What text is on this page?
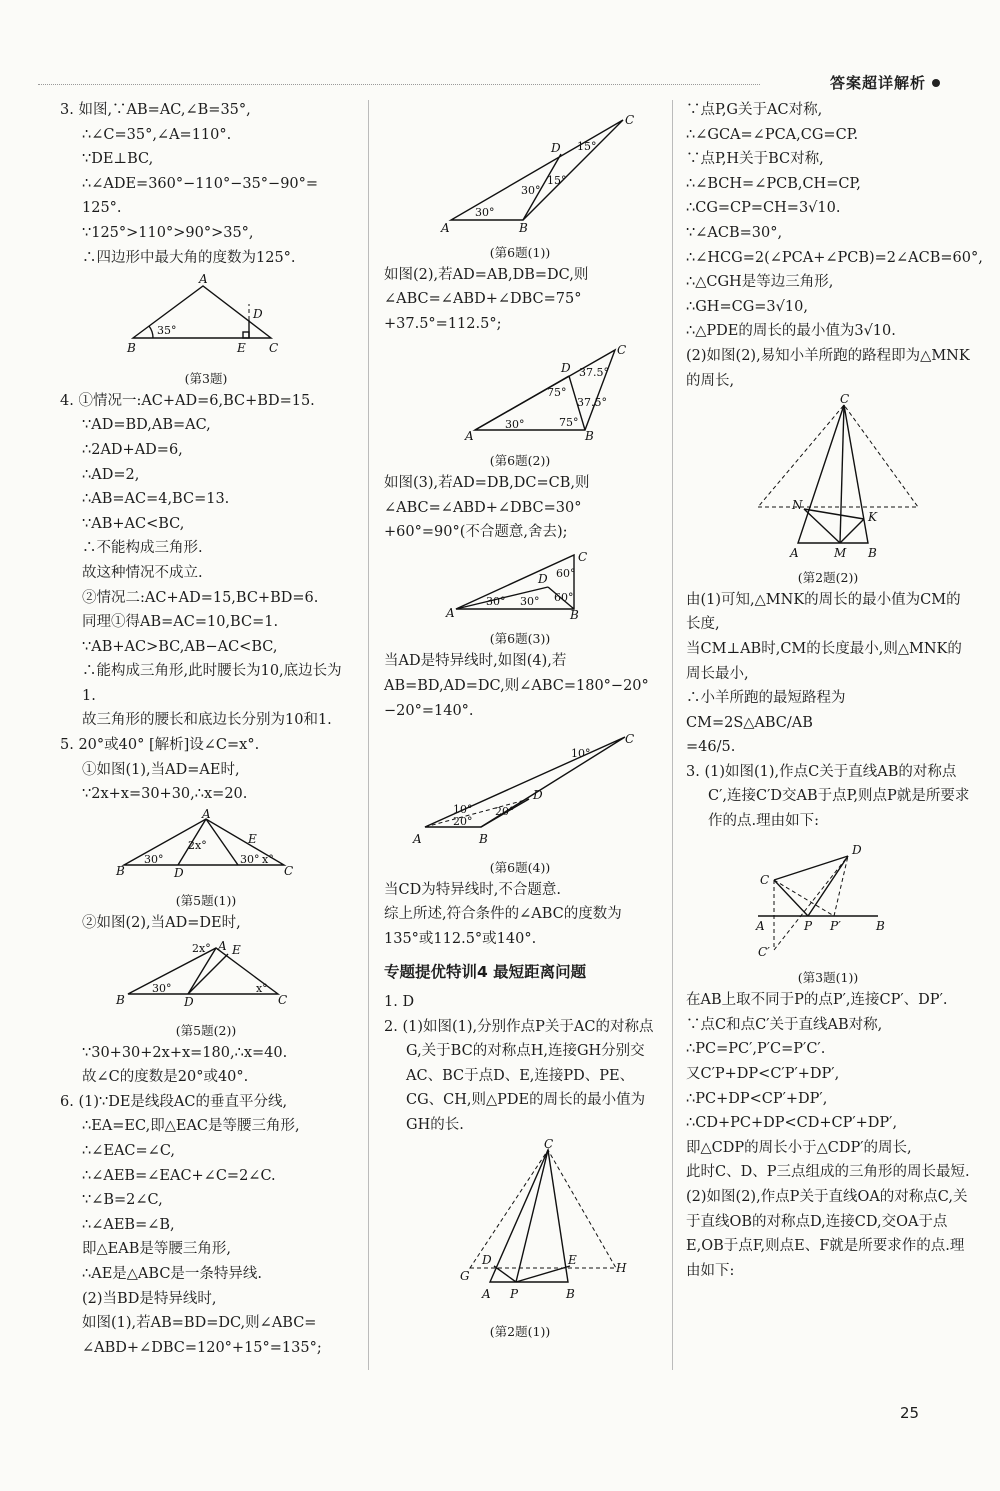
答案超详解析

3. 如图,∵AB=AC,∠B=35°,

∴∠C=35°,∠A=110°.

∵DE⊥BC,

∴∠ADE=360°−110°−35°−90°=

125°.

∵125°>110°>90°>35°,

∴四边形中最大角的度数为125°.

A
B	C
D
E
35°
(第3题)

4. ①情况一:AC+AD=6,BC+BD=15.

∵AD=BD,AB=AC,

∴2AD+AD=6,

∴AD=2,

∴AB=AC=4,BC=13.

∵AB+AC<BC,

∴不能构成三角形.

故这种情况不成立.

②情况二:AC+AD=15,BC+BD=6.

同理①得AB=AC=10,BC=1.

∵AB+AC>BC,AB−AC<BC,

∴能构成三角形,此时腰长为10,底边长为1.

故三角形的腰长和底边长分别为10和1.

5. 20°或40° [解析]设∠C=x°.

①如图(1),当AD=AE时,

∵2x+x=30+30,∴x=20.

A
B	C
D
E
30°	30°
2x°
x°
(第5题(1))

②如图(2),当AD=DE时,

A
B	C
D
E
30°
2x°
x°
(第5题(2))

∵30+30+2x+x=180,∴x=40.

故∠C的度数是20°或40°.

6. (1)∵DE是线段AC的垂直平分线,

∴EA=EC,即△EAC是等腰三角形,

∴∠EAC=∠C,

∴∠AEB=∠EAC+∠C=2∠C.

∵∠B=2∠C,

∴∠AEB=∠B,

即△EAB是等腰三角形,

∴AE是△ABC是一条特异线.

(2)当BD是特异线时,

如图(1),若AB=BD=DC,则∠ABC=

∠ABD+∠DBC=120°+15°=135°;

A	B
C
D
30°
30°
15°
15°
(第6题(1))

如图(2),若AD=AB,DB=DC,则∠ABC=∠ABD+∠DBC=75°+37.5°=112.5°;

A	B
C
D
30°
75°
75°
37.5°
37.5°
(第6题(2))

如图(3),若AD=DB,DC=CB,则∠ABC=∠ABD+∠DBC=30°+60°=90°(不合题意,舍去);

A	B
C
D
30° 30°
60°
60°
(第6题(3))

当AD是特异线时,如图(4),若AB=BD,AD=DC,则∠ABC=180°−20°−20°=140°.

A	B
C
D
10°
20°
20°
10°
(第6题(4))

当CD为特异线时,不合题意.

综上所述,符合条件的∠ABC的度数为135°或112.5°或140°.

专题提优特训4 最短距离问题

1. D

2. (1)如图(1),分别作点P关于AC的对称点G,关于BC的对称点H,连接GH分别交AC、BC于点D、E,连接PD、PE、CG、CH,则△PDE的周长的最小值为GH的长.

C
A	B
P
G
H
D	E
(第2题(1))

∵点P,G关于AC对称,

∴∠GCA=∠PCA,CG=CP.

∵点P,H关于BC对称,

∴∠BCH=∠PCB,CH=CP,

∴CG=CP=CH=3√10.

∵∠ACB=30°,

∴∠HCG=2(∠PCA+∠PCB)=2∠ACB=60°,

∴△CGH是等边三角形,

∴GH=CG=3√10,

∴△PDE的周长的最小值为3√10.

(2)如图(2),易知小羊所跑的路程即为△MNK的周长,

C
A	B
M
N
K
(第2题(2))

由(1)可知,△MNK的周长的最小值为CM的长度,

当CM⊥AB时,CM的长度最小,则△MNK的周长最小,

∴小羊所跑的最短路程为CM=2S△ABC/AB

=46/5.

3. (1)如图(1),作点C关于直线AB的对称点C′,连接C′D交AB于点P,则点P就是所要求作的点.理由如下:

D
C
A	B
P P′
C′
(第3题(1))

在AB上取不同于P的点P′,连接CP′、DP′.

∵点C和点C′关于直线AB对称,

∴PC=PC′,P′C=P′C′.

又C′P+DP<C′P′+DP′,

∴PC+DP<CP′+DP′,

∴CD+PC+DP<CD+CP′+DP′,

即△CDP的周长小于△CDP′的周长,

此时C、D、P三点组成的三角形的周长最短.

(2)如图(2),作点P关于直线OA的对称点C,关于直线OB的对称点D,连接CD,交OA于点E,OB于点F,则点E、F就是所要求作的点.理由如下:

25
